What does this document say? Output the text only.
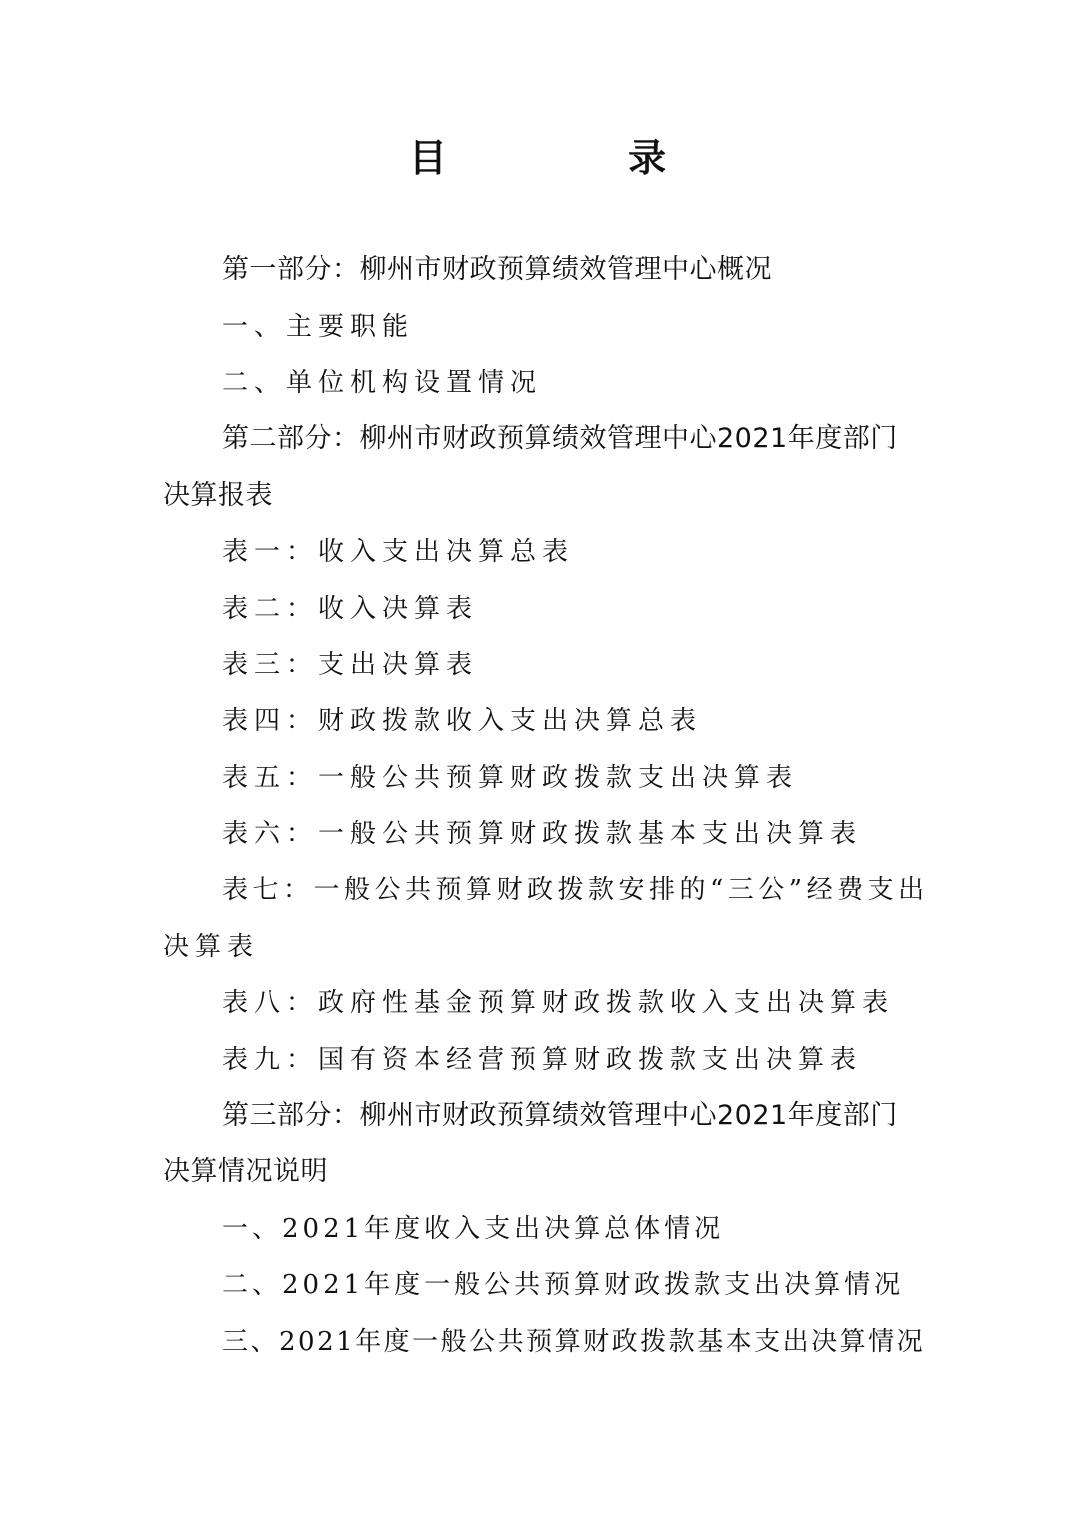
目 录
第一部分：柳州市财政预算绩效管理中心概况
一、主要职能
二、单位机构设置情况
第二部分：柳州市财政预算绩效管理中心2021年度部门
决算报表
表一：收入支出决算总表
表二：收入决算表
表三：支出决算表
表四：财政拨款收入支出决算总表
表五：一般公共预算财政拨款支出决算表
表六：一般公共预算财政拨款基本支出决算表
表七：一般公共预算财政拨款安排的“三公”经费支出
决算表
表八：政府性基金预算财政拨款收入支出决算表
表九：国有资本经营预算财政拨款支出决算表
第三部分：柳州市财政预算绩效管理中心2021年度部门
决算情况说明
一、2021年度收入支出决算总体情况
二、2021年度一般公共预算财政拨款支出决算情况
三、2021年度一般公共预算财政拨款基本支出决算情况
